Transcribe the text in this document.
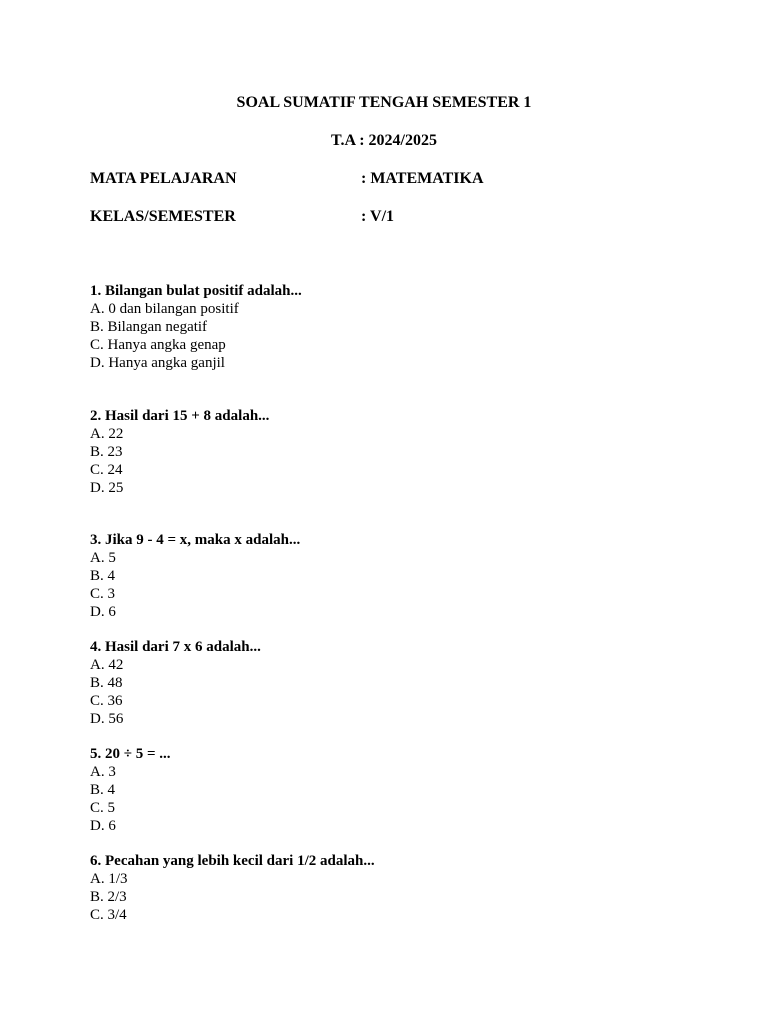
SOAL SUMATIF TENGAH SEMESTER 1
T.A : 2024/2025
MATA PELAJARAN	: MATEMATIKA
KELAS/SEMESTER	: V/1
1. Bilangan bulat positif adalah...
A. 0 dan bilangan positif
B. Bilangan negatif
C. Hanya angka genap
D. Hanya angka ganjil
2. Hasil dari 15 + 8 adalah...
A. 22
B. 23
C. 24
D. 25
3. Jika 9 - 4 = x, maka x adalah...
A. 5
B. 4
C. 3
D. 6
4. Hasil dari 7 x 6 adalah...
A. 42
B. 48
C. 36
D. 56
5. 20 ÷ 5 = ...
A. 3
B. 4
C. 5
D. 6
6. Pecahan yang lebih kecil dari 1/2 adalah...
A. 1/3
B. 2/3
C. 3/4
